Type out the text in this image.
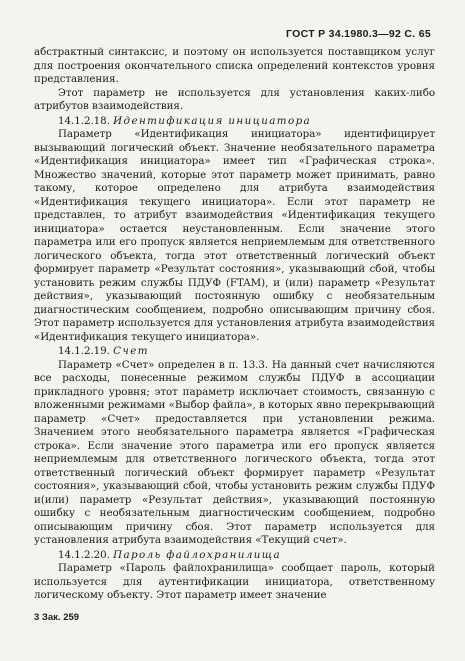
ГОСТ Р 34.1980.3—92 С. 65

абстрактный синтаксис, и поэтому он используется поставщиком услуг для построения окончательного списка определений контекстов уровня представления.

Этот параметр не используется для установления каких-либо атрибутов взаимодействия.

14.1.2.18. Идентификация инициатора

Параметр «Идентификация инициатора» идентифицирует вызывающий логический объект. Значение необязательного параметра «Идентификация инициатора» имеет тип «Графическая строка». Множество значений, которые этот параметр может принимать, равно такому, которое определено для атрибута взаимодействия «Идентификация текущего инициатора». Если этот параметр не представлен, то атрибут взаимодействия «Идентификация текущего инициатора» остается неустановленным. Если значение этого параметра или его пропуск является неприемлемым для ответственного логического объекта, тогда этот ответственный логический объект формирует параметр «Результат состояния», указывающий сбой, чтобы установить режим службы ПДУФ (FTAM), и (или) параметр «Результат действия», указывающий постоянную ошибку с необязательным диагностическим сообщением, подробно описывающим причину сбоя. Этот параметр используется для установления атрибута взаимодействия «Идентификация текущего инициатора».

14.1.2.19. Счет

Параметр «Счет» определен в п. 13.3. На данный счет начисляются все расходы, понесенные режимом службы ПДУФ в ассоциации прикладного уровня; этот параметр исключает стоимость, связанную с вложенными режимами «Выбор файла», в которых явно перекрывающий параметр «Счет» предоставляется при установлении режима. Значением этого необязательного параметра является «Графическая строка». Если значение этого параметра или его пропуск является неприемлемым для ответственного логического объекта, тогда этот ответственный логический объект формирует параметр «Результат состояния», указывающий сбой, чтобы установить режим службы ПДУФ и(или) параметр «Результат действия», указывающий постоянную ошибку с необязательным диагностическим сообщением, подробно описывающим причину сбоя. Этот параметр используется для установления атрибута взаимодействия «Текущий счет».

14.1.2.20. Пароль файлохранилища

Параметр «Пароль файлохранилища» сообщает пароль, который используется для аутентификации инициатора, ответственному логическому объекту. Этот параметр имеет значение

3 Зак. 259
